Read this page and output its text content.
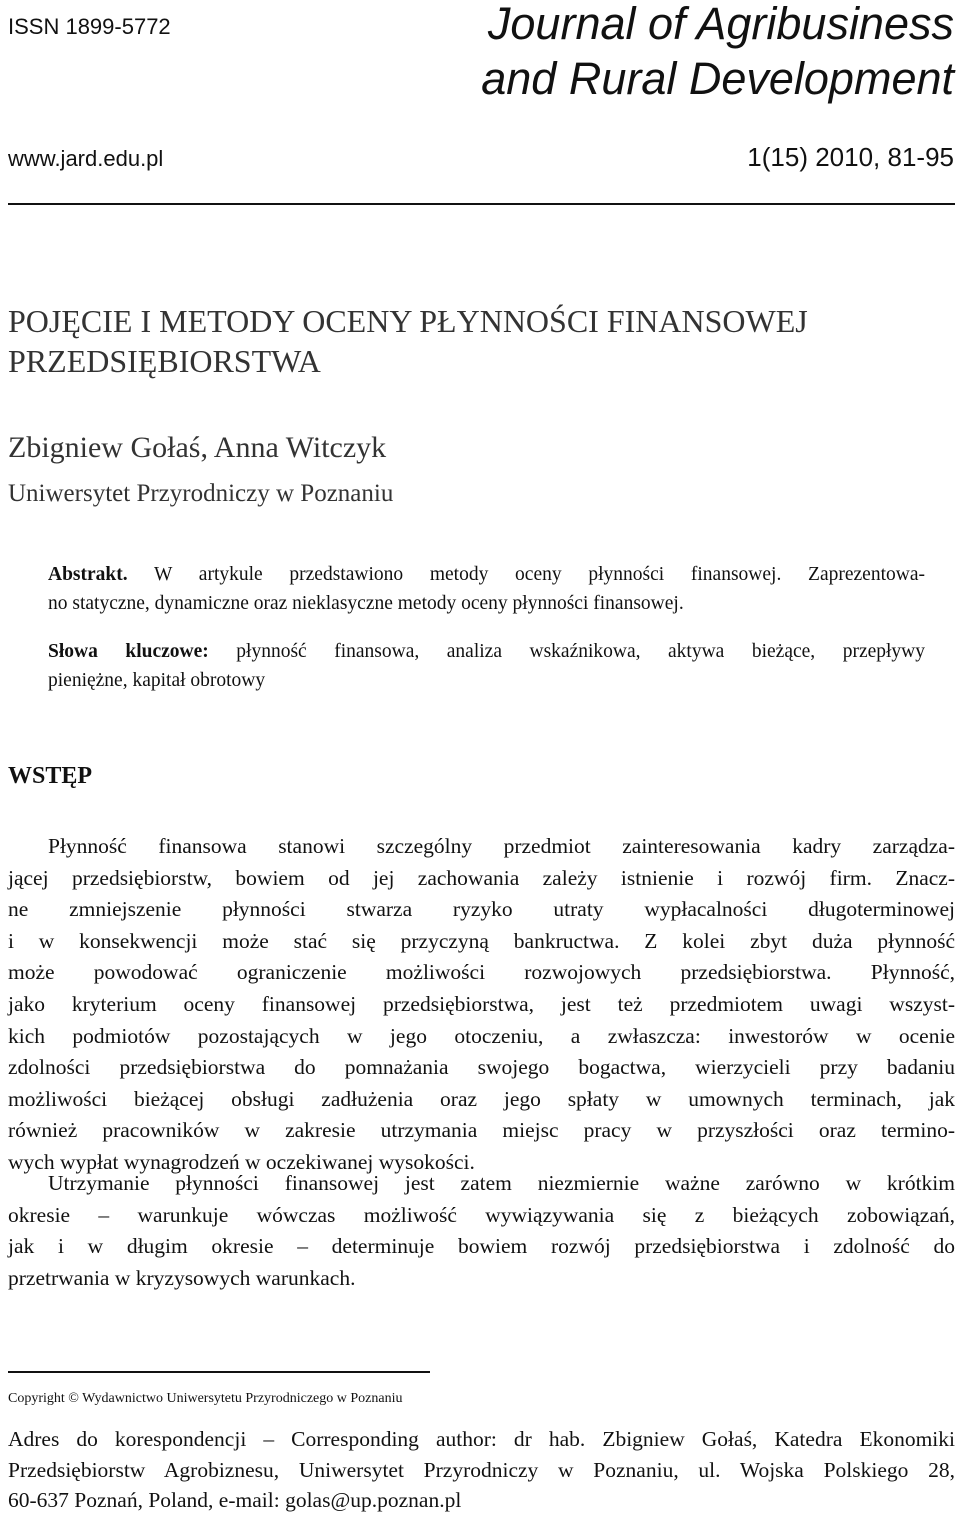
ISSN 1899-5772	Journal of Agribusiness
and Rural Development
www.jard.edu.pl	1(15) 2010, 81-95
POJĘCIE I METODY OCENY PŁYNNOŚCI FINANSOWEJ
PRZEDSIĘBIORSTWA
Zbigniew Gołaś, Anna Witczyk
Uniwersytet Przyrodniczy w Poznaniu
Abstrakt. W artykule przedstawiono metody oceny płynności finansowej. Zaprezentowa-
no statyczne, dynamiczne oraz nieklasyczne metody oceny płynności finansowej.
Słowa kluczowe: płynność finansowa, analiza wskaźnikowa, aktywa bieżące, przepływy
pieniężne, kapitał obrotowy
WSTĘP
Płynność finansowa stanowi szczególny przedmiot zainteresowania kadry zarządza-
jącej przedsiębiorstw, bowiem od jej zachowania zależy istnienie i rozwój firm. Znacz-
ne zmniejszenie płynności stwarza ryzyko utraty wypłacalności długoterminowej
i w konsekwencji może stać się przyczyną bankructwa. Z kolei zbyt duża płynność
może powodować ograniczenie możliwości rozwojowych przedsiębiorstwa. Płynność,
jako kryterium oceny finansowej przedsiębiorstwa, jest też przedmiotem uwagi wszyst-
kich podmiotów pozostających w jego otoczeniu, a zwłaszcza: inwestorów w ocenie
zdolności przedsiębiorstwa do pomnażania swojego bogactwa, wierzycieli przy badaniu
możliwości bieżącej obsługi zadłużenia oraz jego spłaty w umownych terminach, jak
również pracowników w zakresie utrzymania miejsc pracy w przyszłości oraz termino-
wych wypłat wynagrodzeń w oczekiwanej wysokości.
Utrzymanie płynności finansowej jest zatem niezmiernie ważne zarówno w krótkim
okresie – warunkuje wówczas możliwość wywiązywania się z bieżących zobowiązań,
jak i w długim okresie – determinuje bowiem rozwój przedsiębiorstwa i zdolność do
przetrwania w kryzysowych warunkach.
Copyright © Wydawnictwo Uniwersytetu Przyrodniczego w Poznaniu
Adres do korespondencji – Corresponding author: dr hab. Zbigniew Gołaś, Katedra Ekonomiki
Przedsiębiorstw Agrobiznesu, Uniwersytet Przyrodniczy w Poznaniu, ul. Wojska Polskiego 28,
60-637 Poznań, Poland, e-mail: golas@up.poznan.pl
